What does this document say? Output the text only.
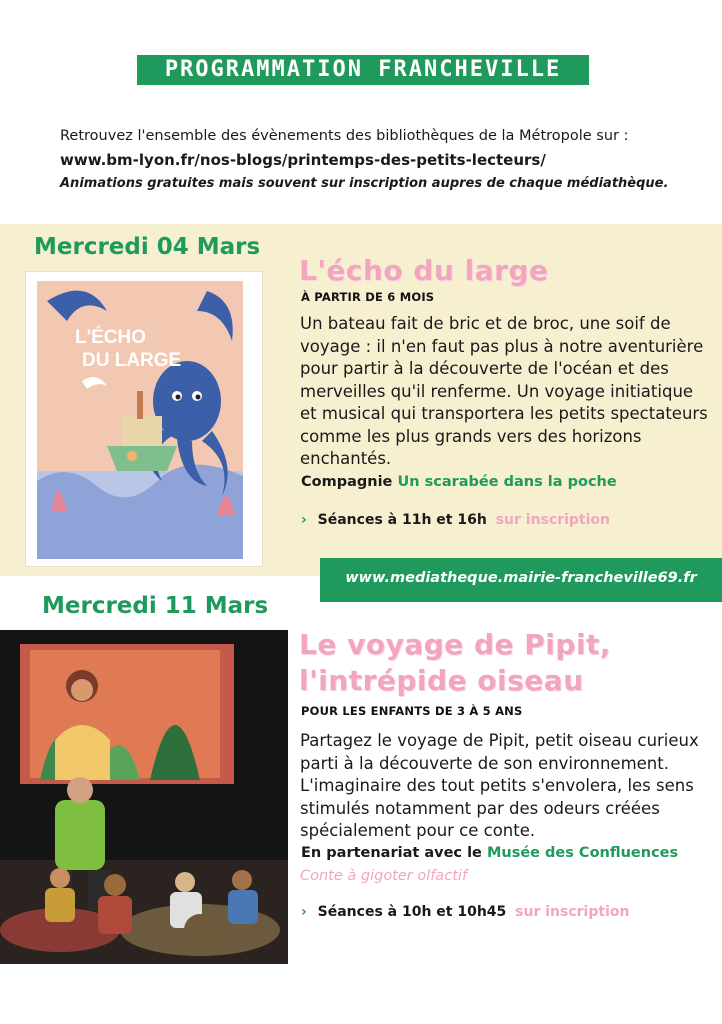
PROGRAMMATION FRANCHEVILLE
Retrouvez l'ensemble des évènements des bibliothèques de la Métropole sur :
www.bm-lyon.fr/nos-blogs/printemps-des-petits-lecteurs/
Animations gratuites mais souvent sur inscription aupres de chaque médiathèque.
Mercredi 04 Mars
L'ÉCHO
DU LARGE
L'écho du large
À PARTIR DE 6 MOIS
Un bateau fait de bric et de broc, une soif de voyage : il n'en faut pas plus à notre aventurière pour partir à la découverte de l'océan et des merveilles qu'il renferme. Un voyage initiatique et musical qui transportera les petits spectateurs comme les plus grands vers des horizons enchantés.
Compagnie Un scarabée dans la poche
› Séances à 11h et 16h sur inscription
www.mediatheque.mairie-francheville69.fr
Mercredi 11 Mars
Le voyage de Pipit,
l'intrépide oiseau
POUR LES ENFANTS DE 3 À 5 ANS
Partagez le voyage de Pipit, petit oiseau curieux parti à la découverte de son environnement. L'imaginaire des tout petits s'envolera, les sens stimulés notamment par des odeurs créées spécialement pour ce conte.
En partenariat avec le Musée des Confluences
Conte à gigoter olfactif
› Séances à 10h et 10h45 sur inscription
